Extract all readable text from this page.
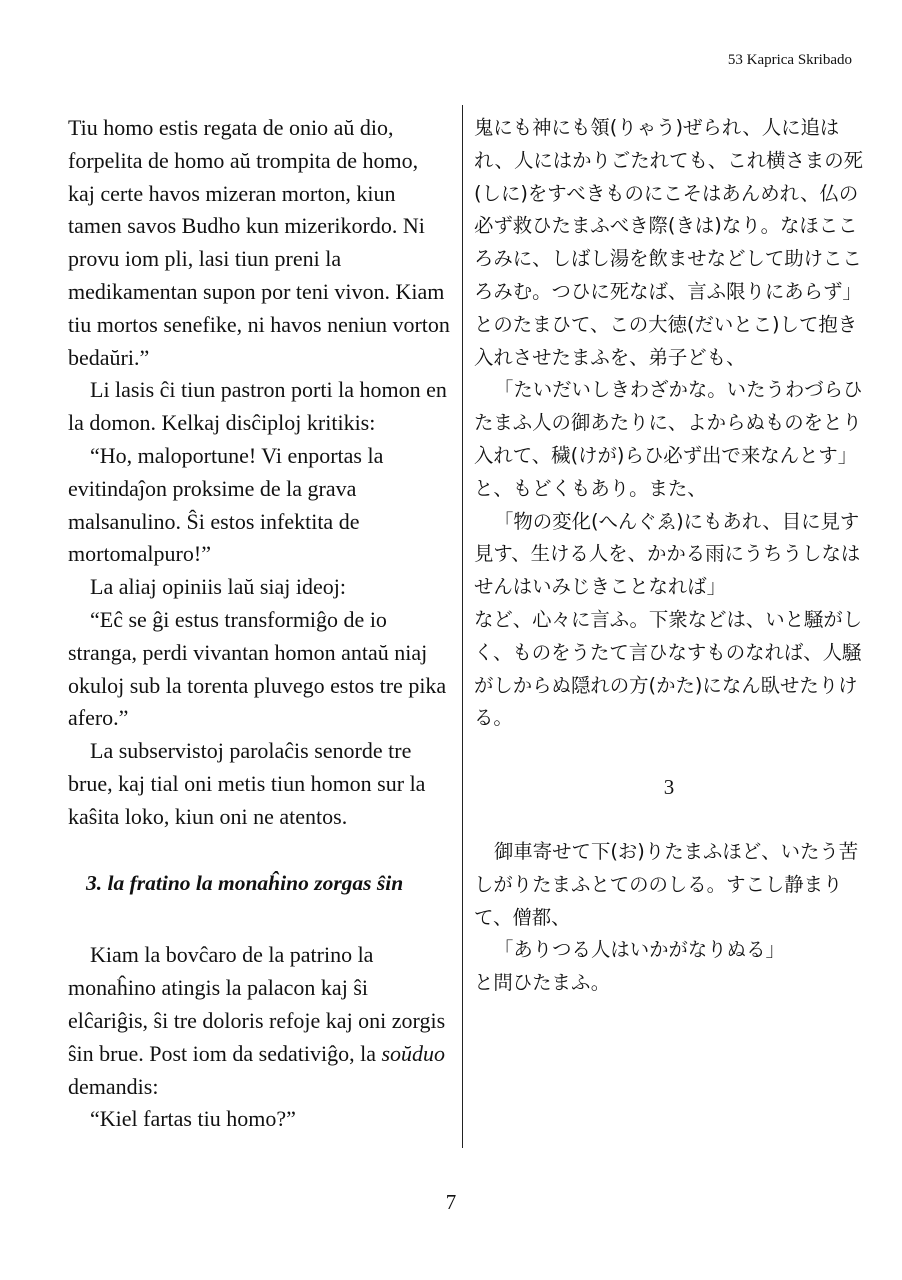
53 Kaprica Skribado

Tiu homo estis regata de onio aŭ dio, forpelita de homo aŭ trompita de homo, kaj certe havos mizeran morton, kiun tamen savos Budho kun mizerikordo. Ni provu iom pli, lasi tiun preni la medikamentan supon por teni vivon. Kiam tiu mortos senefike, ni havos neniun vorton bedaŭri.”

Li lasis ĉi tiun pastron porti la homon en la domon. Kelkaj disĉiploj kritikis:

“Ho, maloportune! Vi enportas la evitindaĵon proksime de la grava malsanulino. Ŝi estos infektita de mortomalpuro!”

La aliaj opiniis laŭ siaj ideoj:

“Eĉ se ĝi estus transformiĝo de io stranga, perdi vivantan homon antaŭ niaj okuloj sub la torenta pluvego estos tre pika afero.”

La subservistoj parolaĉis senorde tre brue, kaj tial oni metis tiun homon sur la kaŝita loko, kiun oni ne atentos.

3. la fratino la monaĥino zorgas ŝin

Kiam la bovĉaro de la patrino la monaĥino atingis la palacon kaj ŝi elĉariĝis, ŝi tre doloris refoje kaj oni zorgis ŝin brue. Post iom da sedativiĝo, la soŭduo demandis:

“Kiel fartas tiu homo?”

鬼にも神にも領(りゃう)ぜられ、人に追はれ、人にはかりごたれても、これ横さまの死(しに)をすべきものにこそはあんめれ、仏の必ず救ひたまふべき際(きは)なり。なほこころみに、しばし湯を飲ませなどして助けこころみむ。つひに死なば、言ふ限りにあらず」とのたまひて、この大徳(だいとこ)して抱き入れさせたまふを、弟子ども、

「たいだいしきわざかな。いたうわづらひたまふ人の御あたりに、よからぬものをとり入れて、穢(けが)らひ必ず出で来なんとす」と、もどくもあり。また、

「物の変化(へんぐゑ)にもあれ、目に見す見す、生ける人を、かかる雨にうちうしなはせんはいみじきことなれば」

など、心々に言ふ。下衆などは、いと騒がしく、ものをうたて言ひなすものなれば、人騒がしからぬ隠れの方(かた)になん臥せたりける。

3

御車寄せて下(お)りたまふほど、いたう苦しがりたまふとてののしる。すこし静まりて、僧都、

「ありつる人はいかがなりぬる」

と問ひたまふ。

7
